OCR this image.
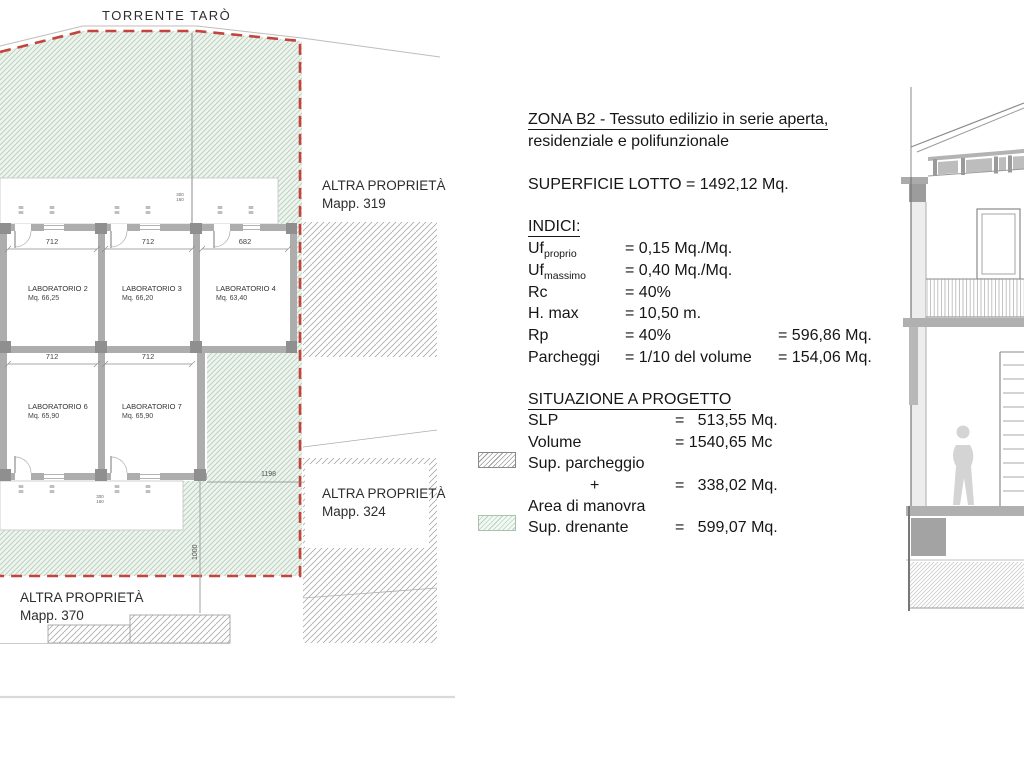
TORRENTE TARÒ
ALTRA PROPRIETÀ
Mapp. 319
ALTRA PROPRIETÀ
Mapp. 324
ALTRA PROPRIETÀ
Mapp. 370
LABORATORIO 2
Mq. 66,25
LABORATORIO 3
Mq. 66,20
LABORATORIO 4
Mq. 63,40
LABORATORIO 6
Mq. 65,90
LABORATORIO 7
Mq. 65,90
712	712	682
712	712
1198
1000
300
160
300
160
88
88
88
88
88
88
88
88
88
88
88
88
88
88
88
88
88
88
88
88
ZONA B2 - Tessuto edilizio in serie aperta,
residenziale e polifunzionale
SUPERFICIE LOTTO = 1492,12 Mq.
INDICI:
$Uf_{proprio}$	= 0,15 Mq./Mq.
$Uf_{massimo} = 0,40$ Mq./Mq.
Rc	= 40%
H. max	= 10,50 m.
Rp	= 40%	= 596,86 Mq.
Parcheggi = 1/10 del volume = 154,06 Mq.
SITUAZIONE A PROGETTO
SLP	=   513,55 Mq.
Volume	= 1540,65 Mc
Sup. parcheggio
+	=   338,02 Mq.
Area di manovra
Sup. drenante	=   599,07 Mq.
